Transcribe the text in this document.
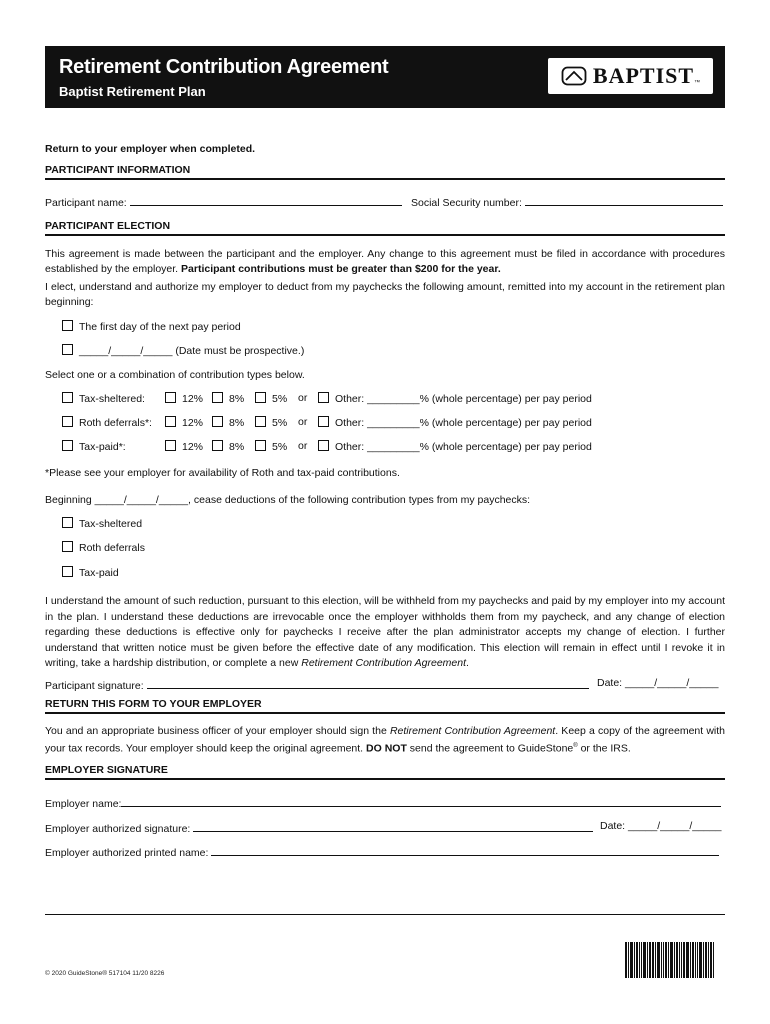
Retirement Contribution Agreement
Baptist Retirement Plan
BAPTIST ™
Return to your employer when completed.
PARTICIPANT INFORMATION
Participant name:	Social Security number:
PARTICIPANT ELECTION
This agreement is made between the participant and the employer. Any change to this agreement must be filed in accordance with procedures established by the employer. Participant contributions must be greater than $200 for the year.
I elect, understand and authorize my employer to deduct from my paychecks the following amount, remitted into my account in the retirement plan beginning:
The first day of the next pay period
_____/_____/_____ (Date must be prospective.)
Select one or a combination of contribution types below.
Tax-sheltered:	12%	8%	5% or	Other: _________% (whole percentage) per pay period
Roth deferrals*:	12%	8%	5% or	Other: _________% (whole percentage) per pay period
Tax-paid*:	12%	8%	5% or	Other: _________% (whole percentage) per pay period
*Please see your employer for availability of Roth and tax-paid contributions.
Beginning _____/_____/_____, cease deductions of the following contribution types from my paychecks:
Tax-sheltered
Roth deferrals
Tax-paid
I understand the amount of such reduction, pursuant to this election, will be withheld from my paychecks and paid by my employer into my account in the plan. I understand these deductions are irrevocable once the employer withholds them from my paycheck, and any change of election regarding these deductions is effective only for paychecks I receive after the plan administrator accepts my change of election. I further understand that written notice must be given before the effective date of any modification. This election will remain in effect until I revoke it in writing, take a hardship distribution, or complete a new Retirement Contribution Agreement.
Participant signature:	Date: _____/_____/_____
RETURN THIS FORM TO YOUR EMPLOYER
You and an appropriate business officer of your employer should sign the Retirement Contribution Agreement. Keep a copy of the agreement with your tax records. Your employer should keep the original agreement. DO NOT send the agreement to GuideStone® or the IRS.
EMPLOYER SIGNATURE
Employer name:
Employer authorized signature:	Date: _____/_____/_____
Employer authorized printed name:
© 2020 GuideStone® 517104 11/20 8226
